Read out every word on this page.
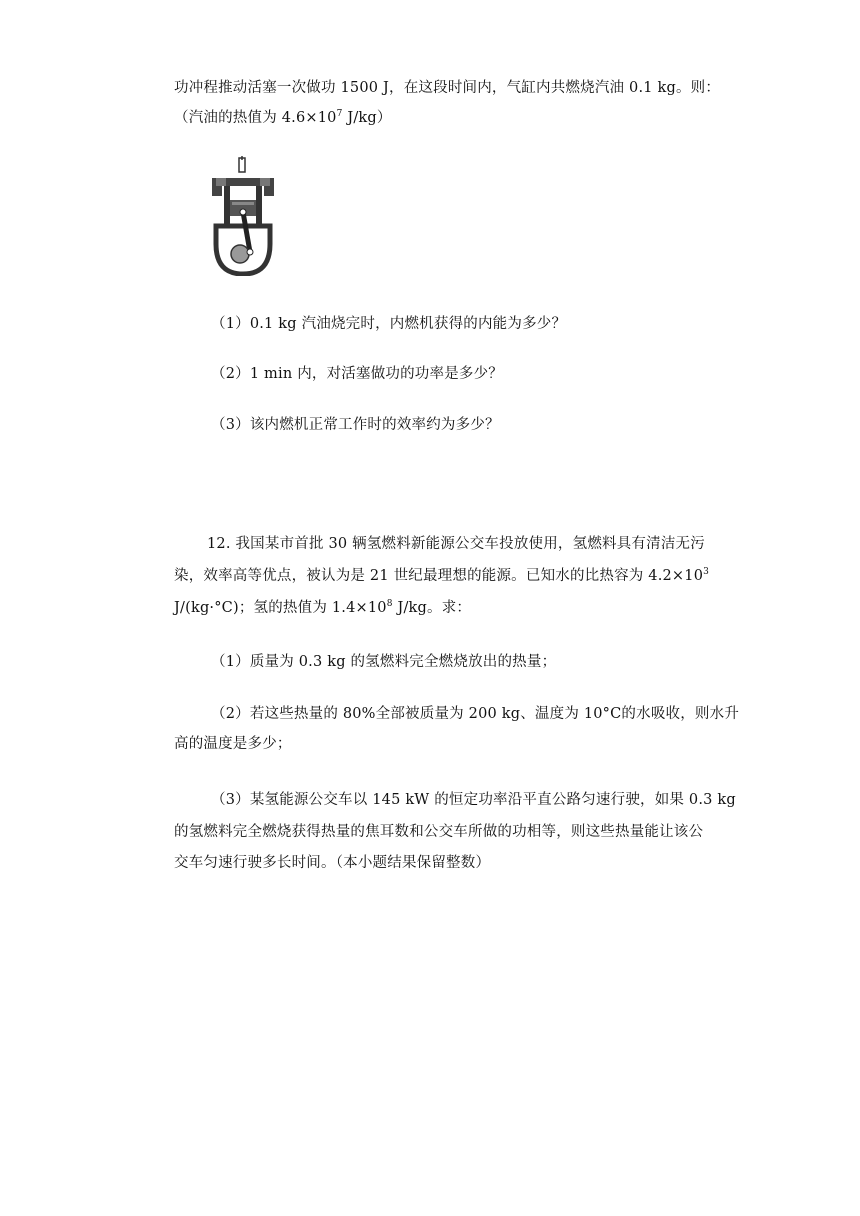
功冲程推动活塞一次做功 1500 J，在这段时间内，气缸内共燃烧汽油 0.1 kg。则：
（汽油的热值为 $4.6\times 10^7$ J/kg）
（1）0.1 kg 汽油烧完时，内燃机获得的内能为多少？
（2）1 min 内，对活塞做功的功率是多少？
（3）该内燃机正常工作时的效率约为多少？
12. 我国某市首批 30 辆氢燃料新能源公交车投放使用，氢燃料具有清洁无污
染，效率高等优点，被认为是 21 世纪最理想的能源。已知水的比热容为 $4.2\times 10^3$
J/(kg·°C)；氢的热值为 $1.4\times 10^8$ J/kg。求：
（1）质量为 0.3 kg 的氢燃料完全燃烧放出的热量；
（2）若这些热量的 80%全部被质量为 200 kg、温度为 10°C的水吸收，则水升
高的温度是多少；
（3）某氢能源公交车以 145 kW 的恒定功率沿平直公路匀速行驶，如果 0.3 kg
的氢燃料完全燃烧获得热量的焦耳数和公交车所做的功相等，则这些热量能让该公
交车匀速行驶多长时间。（本小题结果保留整数）
